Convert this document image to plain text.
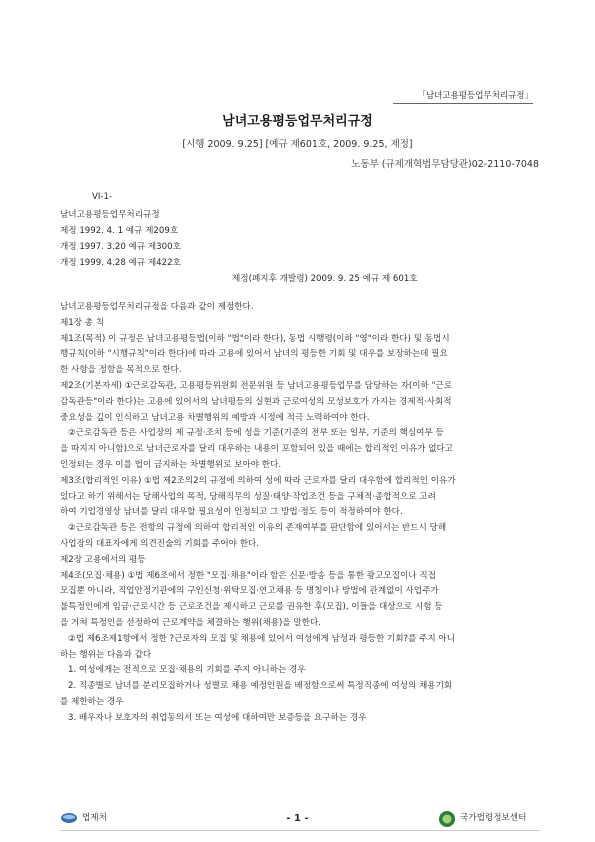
「남녀고용평등업무처리규정」
남녀고용평등업무처리규정
[시행 2009. 9.25] [예규 제601호, 2009. 9.25, 제정]
노동부 (규제개혁법무담당관)02-2110-7048
VI-1-
남녀고용평등업무처리규정
제정 1992. 4. 1 예규 제209호
개정 1997. 3.20 예규 제300호
개정 1999. 4.28 예규 제422호
제정(폐지후 개발령) 2009. 9. 25 예규 제 601호
남녀고용평등업무처리규정을 다음과 같이 제정한다.
제1장 총 칙
제1조(목적) 이 규정은 남녀고용평등법(이하 "법"이라 한다), 동법 시행령(이하 "영"이라 한다) 및 동법시
행규칙(이하 "시행규칙"이라 한다)에 따라 고용에 있어서 남녀의 평등한 기회 및 대우를 보장하는데 필요
한 사항을 정함을 목적으로 한다.
제2조(기본자세) ①근로감독관, 고용평등위원회 전문위원 등 남녀고용평등업무를 담당하는 자(이하 "근로
감독관등"이라 한다)는 고용에 있어서의 남녀평등의 실현과 근로여성의 모성보호가 가지는 경제적·사회적
중요성을 깊이 인식하고 남녀고용 차별행위의 예방과 시정에 적극 노력하여야 한다.
②근로감독관 등은 사업장의 제 규정·조치 등에 성을 기준(기준의 전부 또는 일부, 기준의 핵심여부 등
을 따지지 아니함)으로 남녀근로자를 달리 대우하는 내용이 포함되어 있을 때에는 합리적인 이유가 없다고
인정되는 경우 이를 법이 금지하는 차별행위로 보아야 한다.
제3조(합리적인 이유) ①법 제2조의2의 규정에 의하여 성에 따라 근로자를 달리 대우함에 합리적인 이유가
있다고 하기 위해서는 당해사업의 목적, 당해직무의 성질·태양·작업조건 등을 구체적·종합적으로 고려
하여 기업경영상 남녀를 달리 대우할 필요성이 인정되고 그 방법·정도 등이 적정하여야 한다.
②근로감독관 등은 전항의 규정에 의하여 합리적인 이유의 존재여부를 판단함에 있어서는 반드시 당해
사업장의 대표자에게 의견진술의 기회를 주어야 한다.
제2장 고용에서의 평등
제4조(모집·채용) ①법 제6조에서 정한 "모집·채용"이라 함은 신문·방송 등을 통한 광고모집이나 직접
모집뿐 아니라, 직업안정기관에의 구인신청·위탁모집·연고채용 등 명칭이나 방법에 관계없이 사업주가
불특정인에게 임금·근로시간 등 근로조건을 제시하고 근로를 권유한 후(모집), 이들을 대상으로 시험 등
을 거쳐 특정인을 선정하여 근로계약을 체결하는 행위(채용)을 말한다.
②법 제6조제1항에서 정한 ?근로자의 모집 및 채용에 있어서 여성에게 남성과 평등한 기회?를 주지 아니
하는 행위는 다음과 같다
1. 여성에게는 전적으로 모집·채용의 기회를 주지 아니하는 경우
2. 직종별로 남녀를 분리모집하거나 성별로 채용 예정인원을 배정함으로써 특정직종에 여성의 채용기회
를 제한하는 경우
3. 배우자나 보호자의 취업동의서 또는 여성에 대하여만 보증등을 요구하는 경우
법제처	- 1 -	국가법령정보센터
